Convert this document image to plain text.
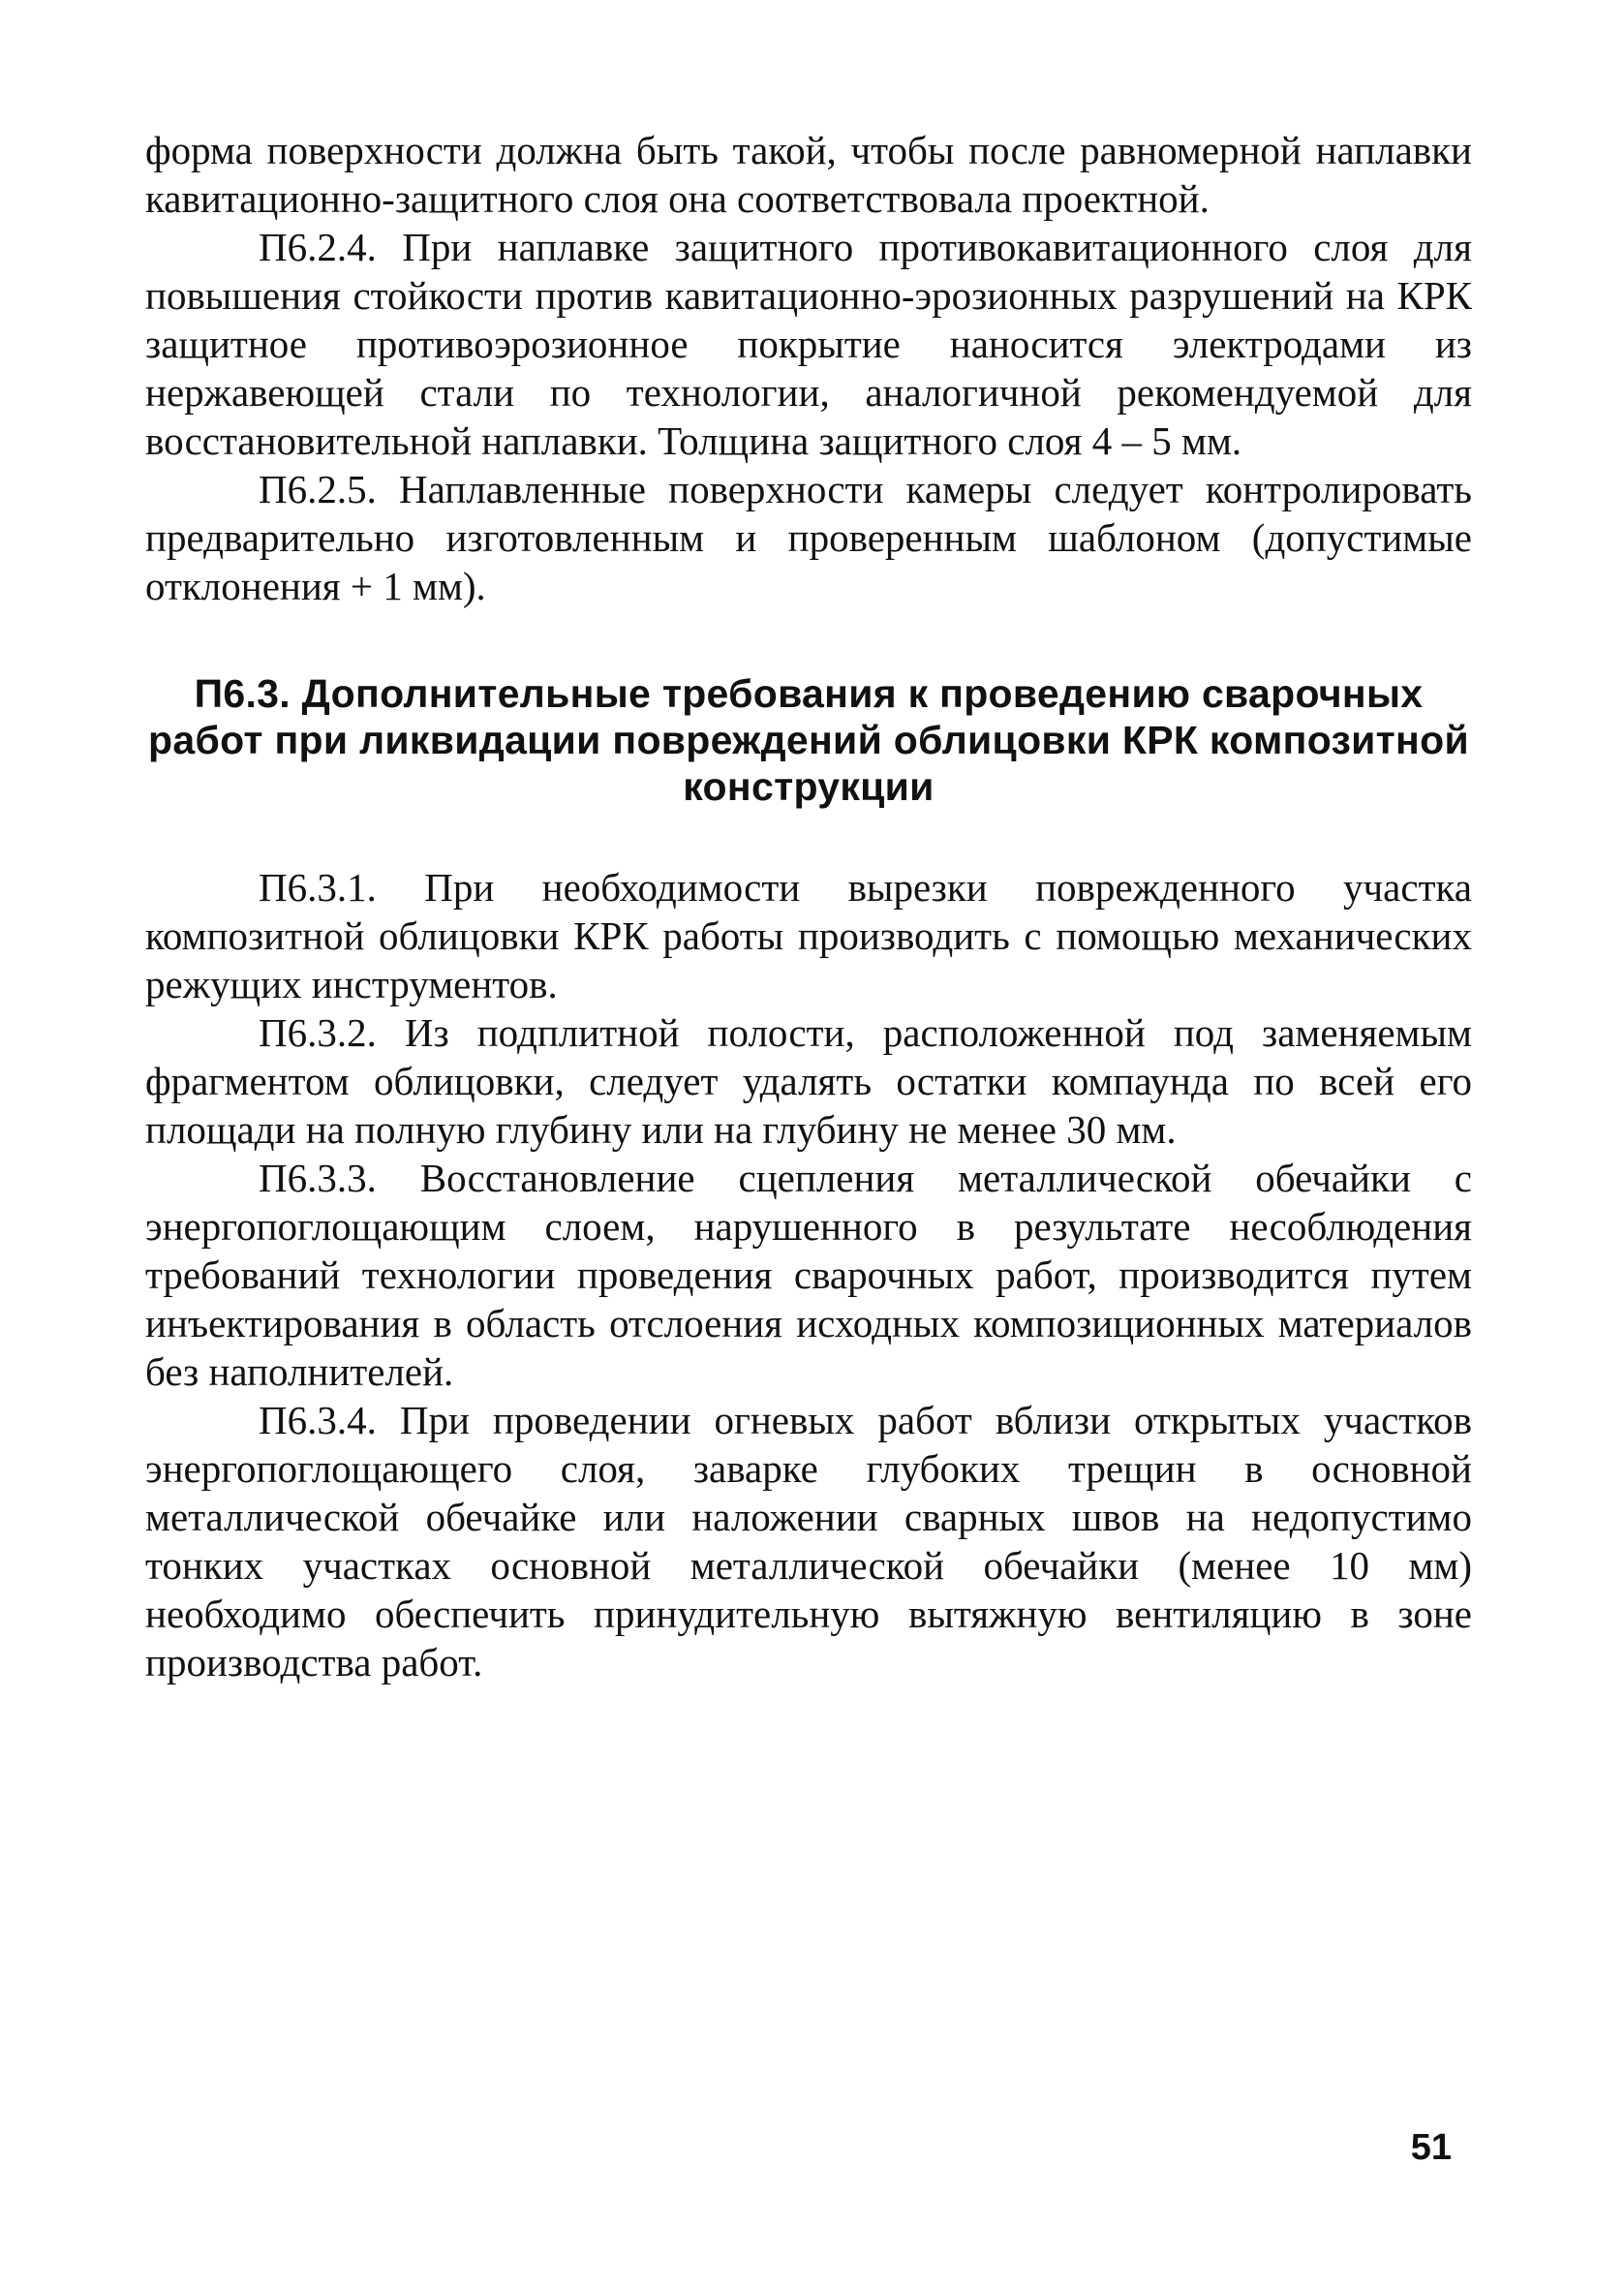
форма поверхности должна быть такой, чтобы после равномерной наплавки кавитационно-защитного слоя она соответствовала проектной.

П6.2.4. При наплавке защитного противокавитационного слоя для повышения стойкости против кавитационно-эрозионных разрушений на КРК защитное противоэрозионное покрытие наносится электродами из нержавеющей стали по технологии, аналогичной рекомендуемой для восстановительной наплавки. Толщина защитного слоя 4 – 5 мм.

П6.2.5. Наплавленные поверхности камеры следует контролировать предварительно изготовленным и проверенным шаблоном (допустимые отклонения + 1 мм).

П6.3. Дополнительные требования к проведению сварочных работ при ликвидации повреждений облицовки КРК композитной конструкции

П6.3.1. При необходимости вырезки поврежденного участка композитной облицовки КРК работы производить с помощью механических режущих инструментов.

П6.3.2. Из подплитной полости, расположенной под заменяемым фрагментом облицовки, следует удалять остатки компаунда по всей его площади на полную глубину или на глубину не менее 30 мм.

П6.3.3. Восстановление сцепления металлической обечайки с энергопоглощающим слоем, нарушенного в результате несоблюдения требований технологии проведения сварочных работ, производится путем инъектирования в область отслоения исходных композиционных материалов без наполнителей.

П6.3.4. При проведении огневых работ вблизи открытых участков энергопоглощающего слоя, заварке глубоких трещин в основной металлической обечайке или наложении сварных швов на недопустимо тонких участках основной металлической обечайки (менее 10 мм) необходимо обеспечить принудительную вытяжную вентиляцию в зоне производства работ.

51
